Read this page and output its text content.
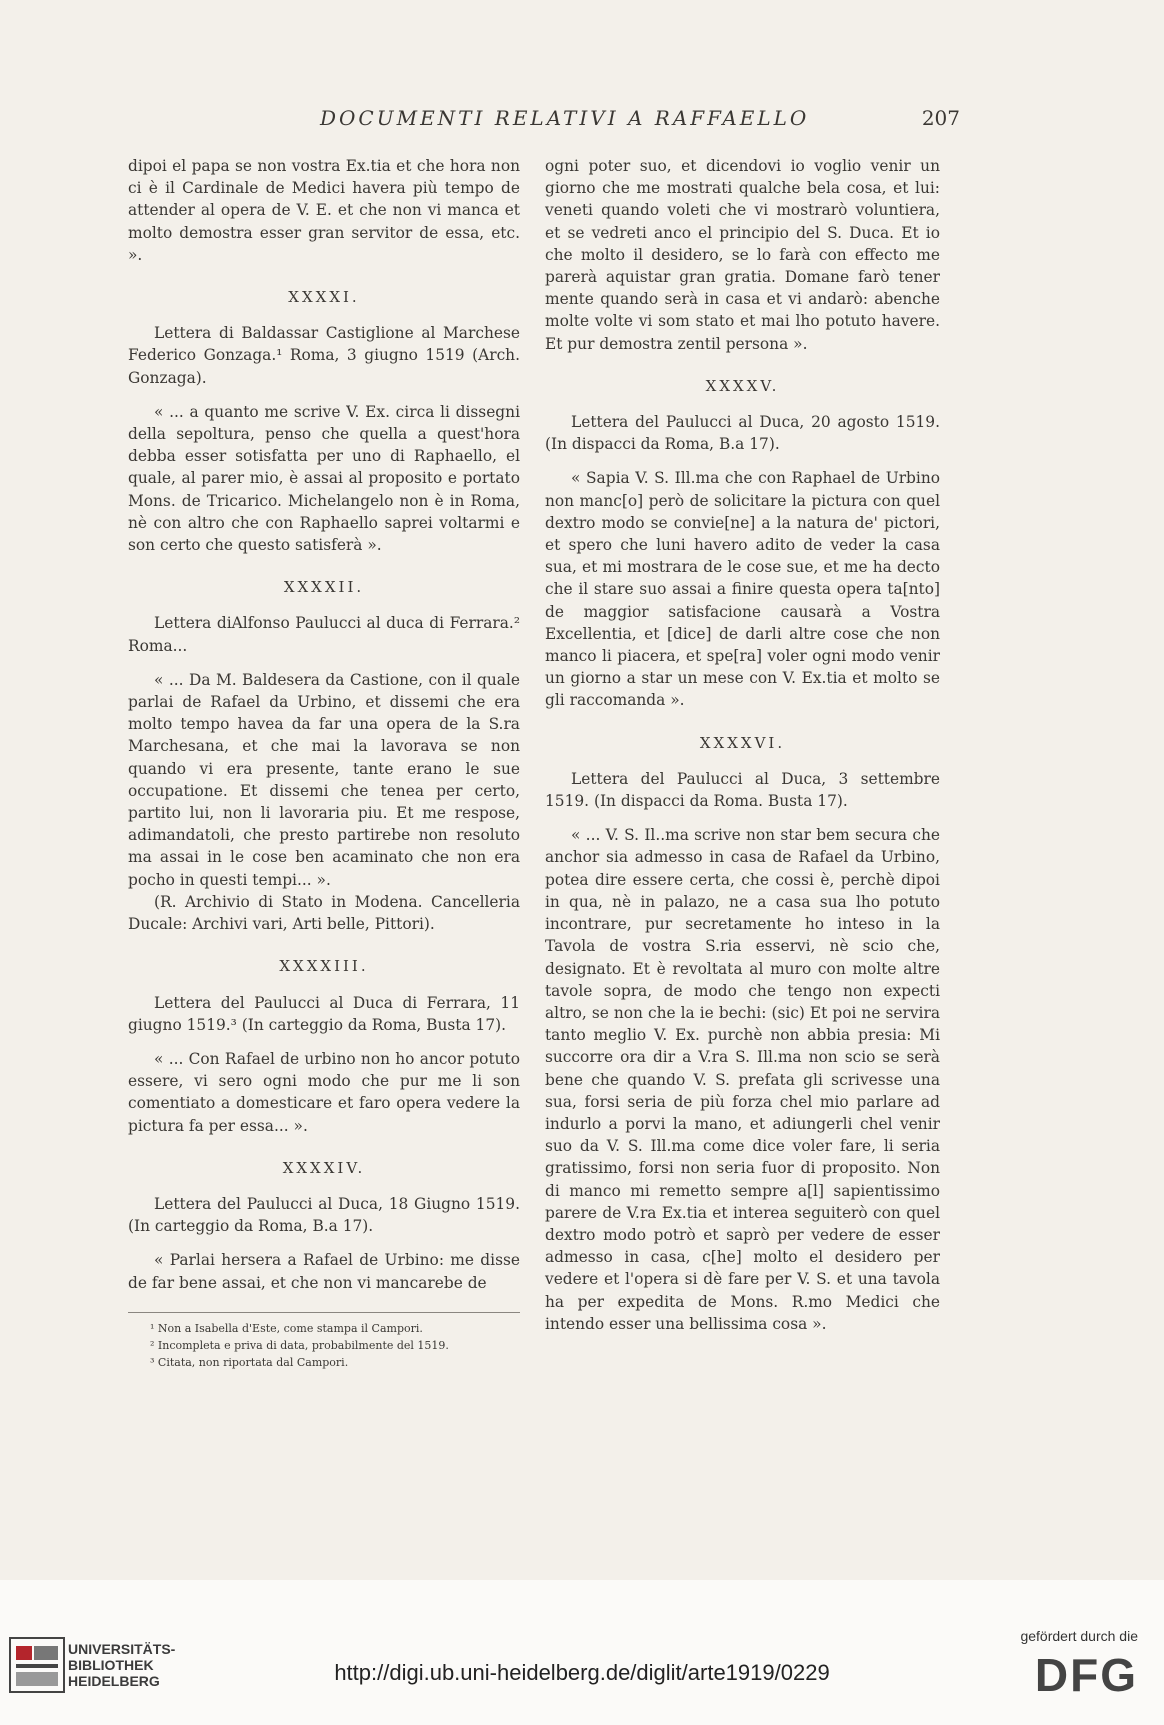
DOCUMENTI RELATIVI A RAFFAELLO	207

dipoi el papa se non vostra Ex.tia et che hora non ci è il Cardinale de Medici havera più tempo de attender al opera de V. E. et che non vi manca et molto demostra esser gran servitor de essa, etc. ».

XXXXI.

Lettera di Baldassar Castiglione al Marchese Federico Gonzaga.¹ Roma, 3 giugno 1519 (Arch. Gonzaga).

« ... a quanto me scrive V. Ex. circa li dissegni della sepoltura, penso che quella a quest'hora debba esser sotisfatta per uno di Raphaello, el quale, al parer mio, è assai al proposito e portato Mons. de Tricarico. Michelangelo non è in Roma, nè con altro che con Raphaello saprei voltarmi e son certo che questo satisferà ».

XXXXII.

Lettera diAlfonso Paulucci al duca di Ferrara.² Roma...

« ... Da M. Baldesera da Castione, con il quale parlai de Rafael da Urbino, et dissemi che era molto tempo havea da far una opera de la S.ra Marchesana, et che mai la lavorava se non quando vi era presente, tante erano le sue occupatione. Et dissemi che tenea per certo, partito lui, non li lavoraria piu. Et me respose, adimandatoli, che presto partirebe non resoluto ma assai in le cose ben acaminato che non era pocho in questi tempi... ».

(R. Archivio di Stato in Modena. Cancelleria Ducale: Archivi vari, Arti belle, Pittori).

XXXXIII.

Lettera del Paulucci al Duca di Ferrara, 11 giugno 1519.³ (In carteggio da Roma, Busta 17).

« ... Con Rafael de urbino non ho ancor potuto essere, vi sero ogni modo che pur me li son comentiato a domesticare et faro opera vedere la pictura fa per essa... ».

XXXXIV.

Lettera del Paulucci al Duca, 18 Giugno 1519. (In carteggio da Roma, B.a 17).

« Parlai hersera a Rafael de Urbino: me disse de far bene assai, et che non vi mancarebe de

ogni poter suo, et dicendovi io voglio venir un giorno che me mostrati qualche bela cosa, et lui: veneti quando voleti che vi mostrarò voluntiera, et se vedreti anco el principio del S. Duca. Et io che molto il desidero, se lo farà con effecto me parerà aquistar gran gratia. Domane farò tener mente quando serà in casa et vi andarò: abenche molte volte vi som stato et mai lho potuto havere. Et pur demostra zentil persona ».

XXXXV.

Lettera del Paulucci al Duca, 20 agosto 1519. (In dispacci da Roma, B.a 17).

« Sapia V. S. Ill.ma che con Raphael de Urbino non manc[o] però de solicitare la pictura con quel dextro modo se convie[ne] a la natura de' pictori, et spero che luni havero adito de veder la casa sua, et mi mostrara de le cose sue, et me ha decto che il stare suo assai a finire questa opera ta[nto] de maggior satisfacione causarà a Vostra Excellentia, et [dice] de darli altre cose che non manco li piacera, et spe[ra] voler ogni modo venir un giorno a star un mese con V. Ex.tia et molto se gli raccomanda ».

XXXXVI.

Lettera del Paulucci al Duca, 3 settembre 1519. (In dispacci da Roma. Busta 17).

« ... V. S. Il..ma scrive non star bem secura che anchor sia admesso in casa de Rafael da Urbino, potea dire essere certa, che cossi è, perchè dipoi in qua, nè in palazo, ne a casa sua lho potuto incontrare, pur secretamente ho inteso in la Tavola de vostra S.ria esservi, nè scio che, designato. Et è revoltata al muro con molte altre tavole sopra, de modo che tengo non expecti altro, se non che la ie bechi: (sic) Et poi ne servira tanto meglio V. Ex. purchè non abbia presia: Mi succorre ora dir a V.ra S. Ill.ma non scio se serà bene che quando V. S. prefata gli scrivesse una sua, forsi seria de più forza chel mio parlare ad indurlo a porvi la mano, et adiungerli chel venir suo da V. S. Ill.ma come dice voler fare, li seria gratissimo, forsi non seria fuor di proposito. Non di manco mi remetto sempre a[l] sapientissimo parere de V.ra Ex.tia et interea seguiterò con quel dextro modo potrò et saprò per vedere de esser admesso in casa, c[he] molto el desidero per vedere et l'opera si dè fare per V. S. et una tavola ha per expedita de Mons. R.mo Medici che intendo esser una bellissima cosa ».

¹ Non a Isabella d'Este, come stampa il Campori.
² Incompleta e priva di data, probabilmente del 1519.
³ Citata, non riportata dal Campori.
UNIVERSITÄTS-
BIBLIOTHEK
HEIDELBERG	http://digi.ub.uni-heidelberg.de/diglit/arte1919/0229
gefördert durch die
DFG
